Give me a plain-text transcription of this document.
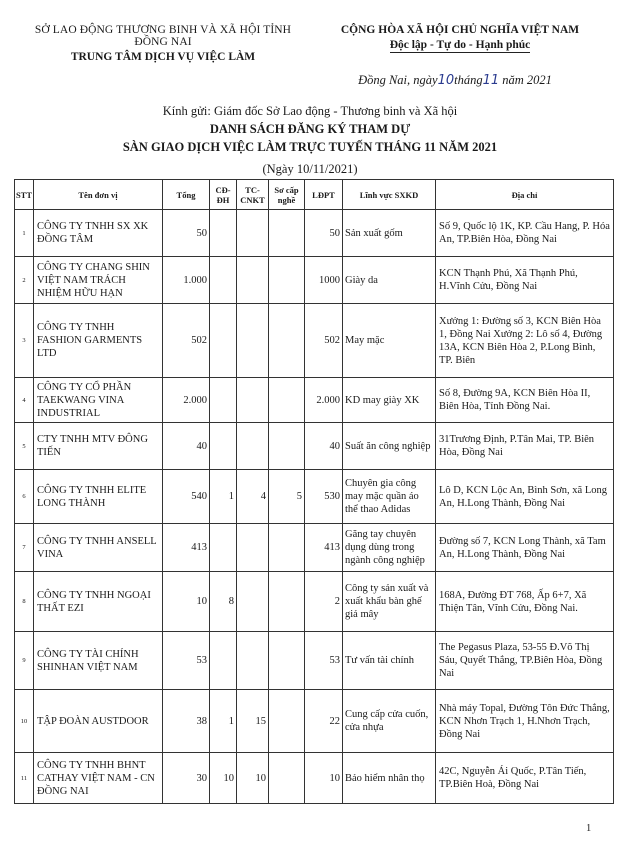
SỞ LAO ĐỘNG THƯƠNG BINH VÀ XÃ HỘI TỈNH ĐỒNG NAI
TRUNG TÂM DỊCH VỤ VIỆC LÀM
CỘNG HÒA XÃ HỘI CHỦ NGHĨA VIỆT NAM
Độc lập - Tự do - Hạnh phúc
Đồng Nai, ngày10tháng11 năm 2021
Kính gửi: Giám đốc Sở Lao động - Thương binh và Xã hội
DANH SÁCH ĐĂNG KÝ THAM DỰ
SÀN GIAO DỊCH VIỆC LÀM TRỰC TUYẾN THÁNG 11 NĂM 2021
(Ngày 10/11/2021)
STT	Tên đơn vị	Tổng	CĐ-ĐH	TC-CNKT	Sơ cấp nghề	LĐPT	Lĩnh vực SXKD	Địa chỉ
1	CÔNG TY TNHH SX XK ĐỒNG TÂM	50				50	Sản xuất gốm	Số 9, Quốc lộ 1K, KP. Cầu Hang, P. Hóa An, TP.Biên Hòa, Đồng Nai
2	CÔNG TY CHANG SHIN VIỆT NAM TRÁCH NHIỆM HỮU HẠN	1.000				1000	Giày da	KCN Thạnh Phú, Xã Thạnh Phú, H.Vĩnh Cửu, Đồng Nai
3	CÔNG TY TNHH FASHION GARMENTS LTD	502				502	May mặc	Xưởng 1: Đường số 3, KCN Biên Hòa 1, Đồng Nai Xưởng 2: Lô số 4, Đường 13A, KCN Biên Hòa 2, P.Long Bình, TP. Biên
4	CÔNG TY CỔ PHẦN TAEKWANG VINA INDUSTRIAL	2.000				2.000	KD may giày XK	Số 8, Đường 9A, KCN Biên Hòa II, Biên Hòa, Tỉnh Đồng Nai.
5	CTY TNHH MTV ĐÔNG TIẾN	40				40	Suất ăn công nghiệp	31Trương Định, P.Tân Mai, TP. Biên Hòa, Đồng Nai
6	CÔNG TY TNHH ELITE LONG THÀNH	540	1	4	5	530	Chuyên gia công may mặc quần áo thể thao Adidas	Lô D, KCN Lộc An, Bình Sơn, xã Long An, H.Long Thành, Đồng Nai
7	CÔNG TY TNHH ANSELL VINA	413				413	Găng tay chuyên dụng dùng trong ngành công nghiệp	Đường số 7, KCN Long Thành, xã Tam An, H.Long Thành, Đồng Nai
8	CÔNG TY TNHH NGOẠI THẤT EZI	10	8			2	Công ty sản xuất và xuất khẩu bàn ghế giả mây	168A, Đường ĐT 768, Ấp 6+7, Xã Thiện Tân, Vĩnh Cửu, Đồng Nai.
9	CÔNG TY TÀI CHÍNH SHINHAN VIỆT NAM	53				53	Tư vấn tài chính	The Pegasus Plaza, 53-55 Đ.Võ Thị Sáu, Quyết Thắng, TP.Biên Hòa, Đồng Nai
10	TẬP ĐOÀN AUSTDOOR	38	1	15		22	Cung cấp cửa cuốn, cửa nhựa	Nhà máy Topal, Đường Tôn Đức Thắng, KCN Nhơn Trạch 1, H.Nhơn Trạch, Đồng Nai
11	CÔNG TY TNHH BHNT CATHAY VIỆT NAM - CN ĐỒNG NAI	30	10	10		10	Bảo hiểm nhân thọ	42C, Nguyễn Ái Quốc, P.Tân Tiến, TP.Biên Hoà, Đồng Nai
1
